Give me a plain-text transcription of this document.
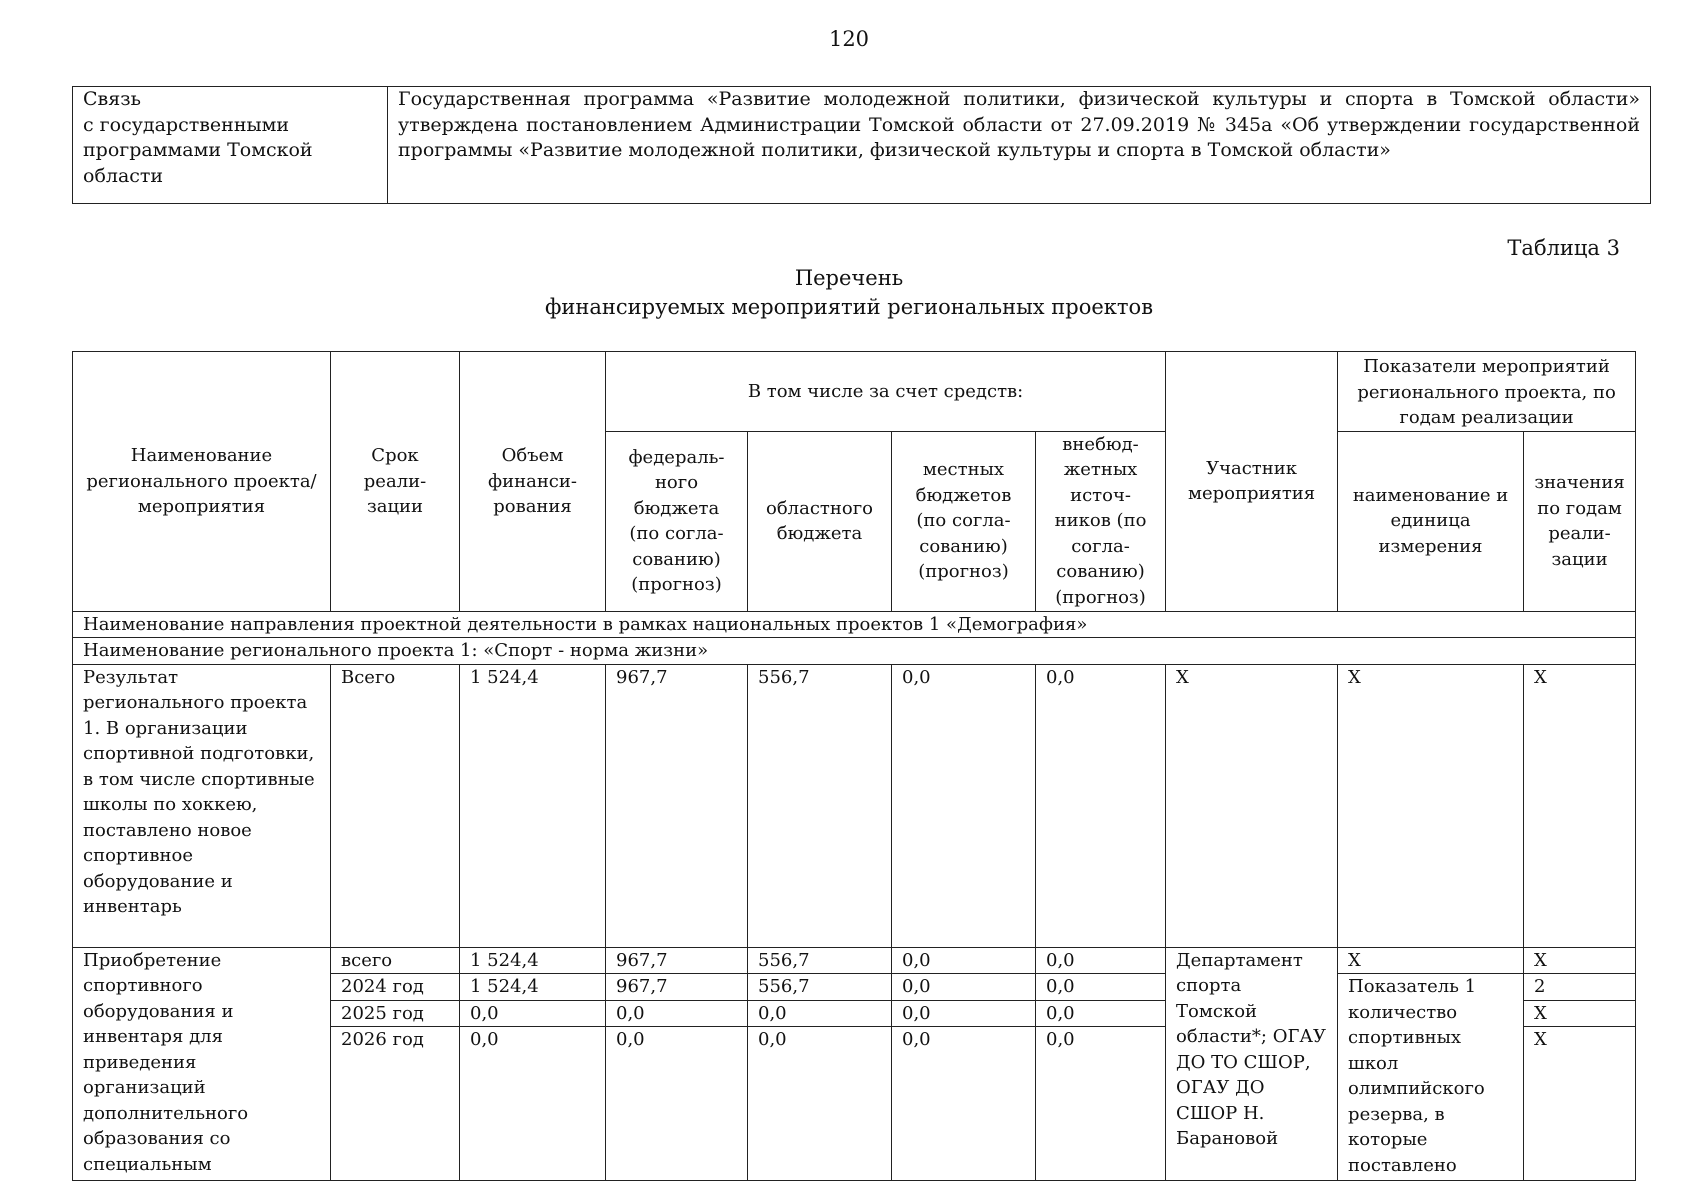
120
Связь
с государственными
программами Томской
области	Государственная программа «Развитие молодежной политики, физической культуры и спорта в Томской области» утверждена постановлением Администрации Томской области от 27.09.2019 № 345а «Об утверждении государственной программы «Развитие молодежной политики, физической культуры и спорта в Томской области»
Таблица 3
Перечень
финансируемых мероприятий региональных проектов
Наименование регионального проекта/ мероприятия	Срок реали-зации	Объем финанси-рования	В том числе за счет средств:				Участник мероприятия	Показатели мероприятий регионального проекта, по годам реализации	
			федераль-ного бюджета (по согла-сованию) (прогноз)	областного бюджета	местных бюджетов (по согла-сованию) (прогноз)	внебюд-жетных источ-ников (по согла-сованию) (прогноз)		наименование и единица измерения	значения по годам реали-зации
Наименование направления проектной деятельности в рамках национальных проектов 1 «Демография»									
Наименование регионального проекта 1: «Спорт - норма жизни»									
Результат регионального проекта 1. В организации спортивной подготовки, в том числе спортивные школы по хоккею, поставлено новое спортивное оборудование и инвентарь	Всего	1 524,4	967,7	556,7	0,0	0,0	X	X	X
Приобретение спортивного оборудования и инвентаря для приведения организаций дополнительного образования со специальным	всего	1 524,4	967,7	556,7	0,0	0,0	Департамент спорта Томской области*; ОГАУ ДО ТО СШОР, ОГАУ ДО СШОР Н. Барановой	X	X
	2024 год	1 524,4	967,7	556,7	0,0	0,0		Показатель 1 количество спортивных школ олимпийского резерва, в которые поставлено	2
	2025 год	0,0	0,0	0,0	0,0	0,0			X
	2026 год	0,0	0,0	0,0	0,0	0,0			X
